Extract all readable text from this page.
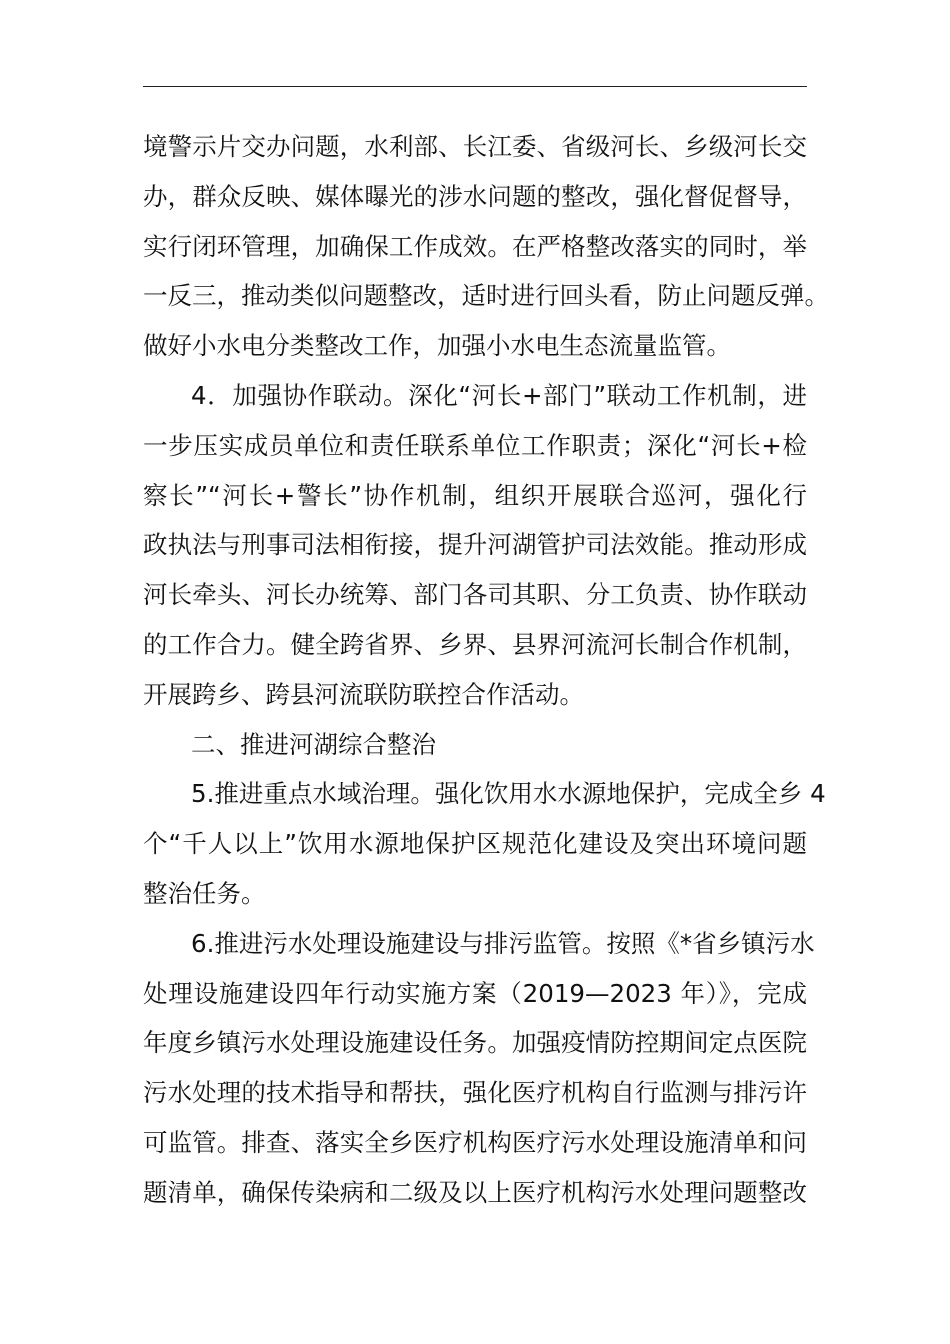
境警示片交办问题，水利部、长江委、省级河长、乡级河长交
办，群众反映、媒体曝光的涉水问题的整改，强化督促督导，
实行闭环管理，加确保工作成效。在严格整改落实的同时，举
一反三，推动类似问题整改，适时进行回头看，防止问题反弹。
做好小水电分类整改工作，加强小水电生态流量监管。
4．加强协作联动。深化“河长+部门”联动工作机制，进
一步压实成员单位和责任联系单位工作职责；深化“河长+检
察长”“河长+警长”协作机制，组织开展联合巡河，强化行
政执法与刑事司法相衔接，提升河湖管护司法效能。推动形成
河长牵头、河长办统筹、部门各司其职、分工负责、协作联动
的工作合力。健全跨省界、乡界、县界河流河长制合作机制，
开展跨乡、跨县河流联防联控合作活动。
二、推进河湖综合整治
5.推进重点水域治理。强化饮用水水源地保护，完成全乡 4
个“千人以上”饮用水源地保护区规范化建设及突出环境问题
整治任务。
6.推进污水处理设施建设与排污监管。按照《*省乡镇污水
处理设施建设四年行动实施方案（2019—2023 年）》，完成
年度乡镇污水处理设施建设任务。加强疫情防控期间定点医院
污水处理的技术指导和帮扶，强化医疗机构自行监测与排污许
可监管。排查、落实全乡医疗机构医疗污水处理设施清单和问
题清单，确保传染病和二级及以上医疗机构污水处理问题整改
